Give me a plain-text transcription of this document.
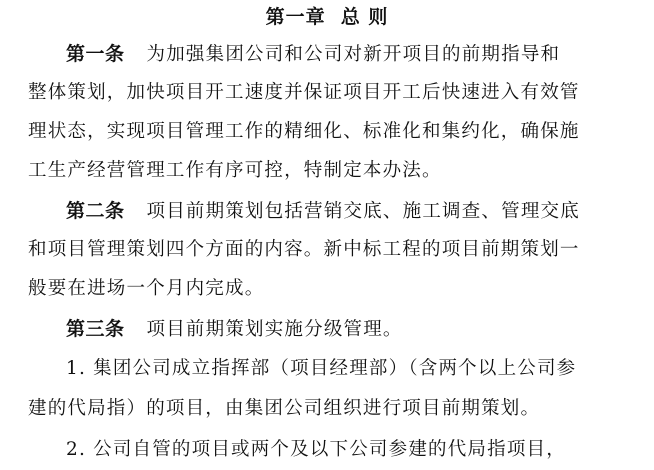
第一章  总 则
第一条 为加强集团公司和公司对新开项目的前期指导和
整体策划，加快项目开工速度并保证项目开工后快速进入有效管
理状态，实现项目管理工作的精细化、标准化和集约化，确保施
工生产经营管理工作有序可控，特制定本办法。
第二条 项目前期策划包括营销交底、施工调查、管理交底
和项目管理策划四个方面的内容。新中标工程的项目前期策划一
般要在进场一个月内完成。
第三条 项目前期策划实施分级管理。
1. 集团公司成立指挥部（项目经理部）（含两个以上公司参
建的代局指）的项目，由集团公司组织进行项目前期策划。
2. 公司自管的项目或两个及以下公司参建的代局指项目，
